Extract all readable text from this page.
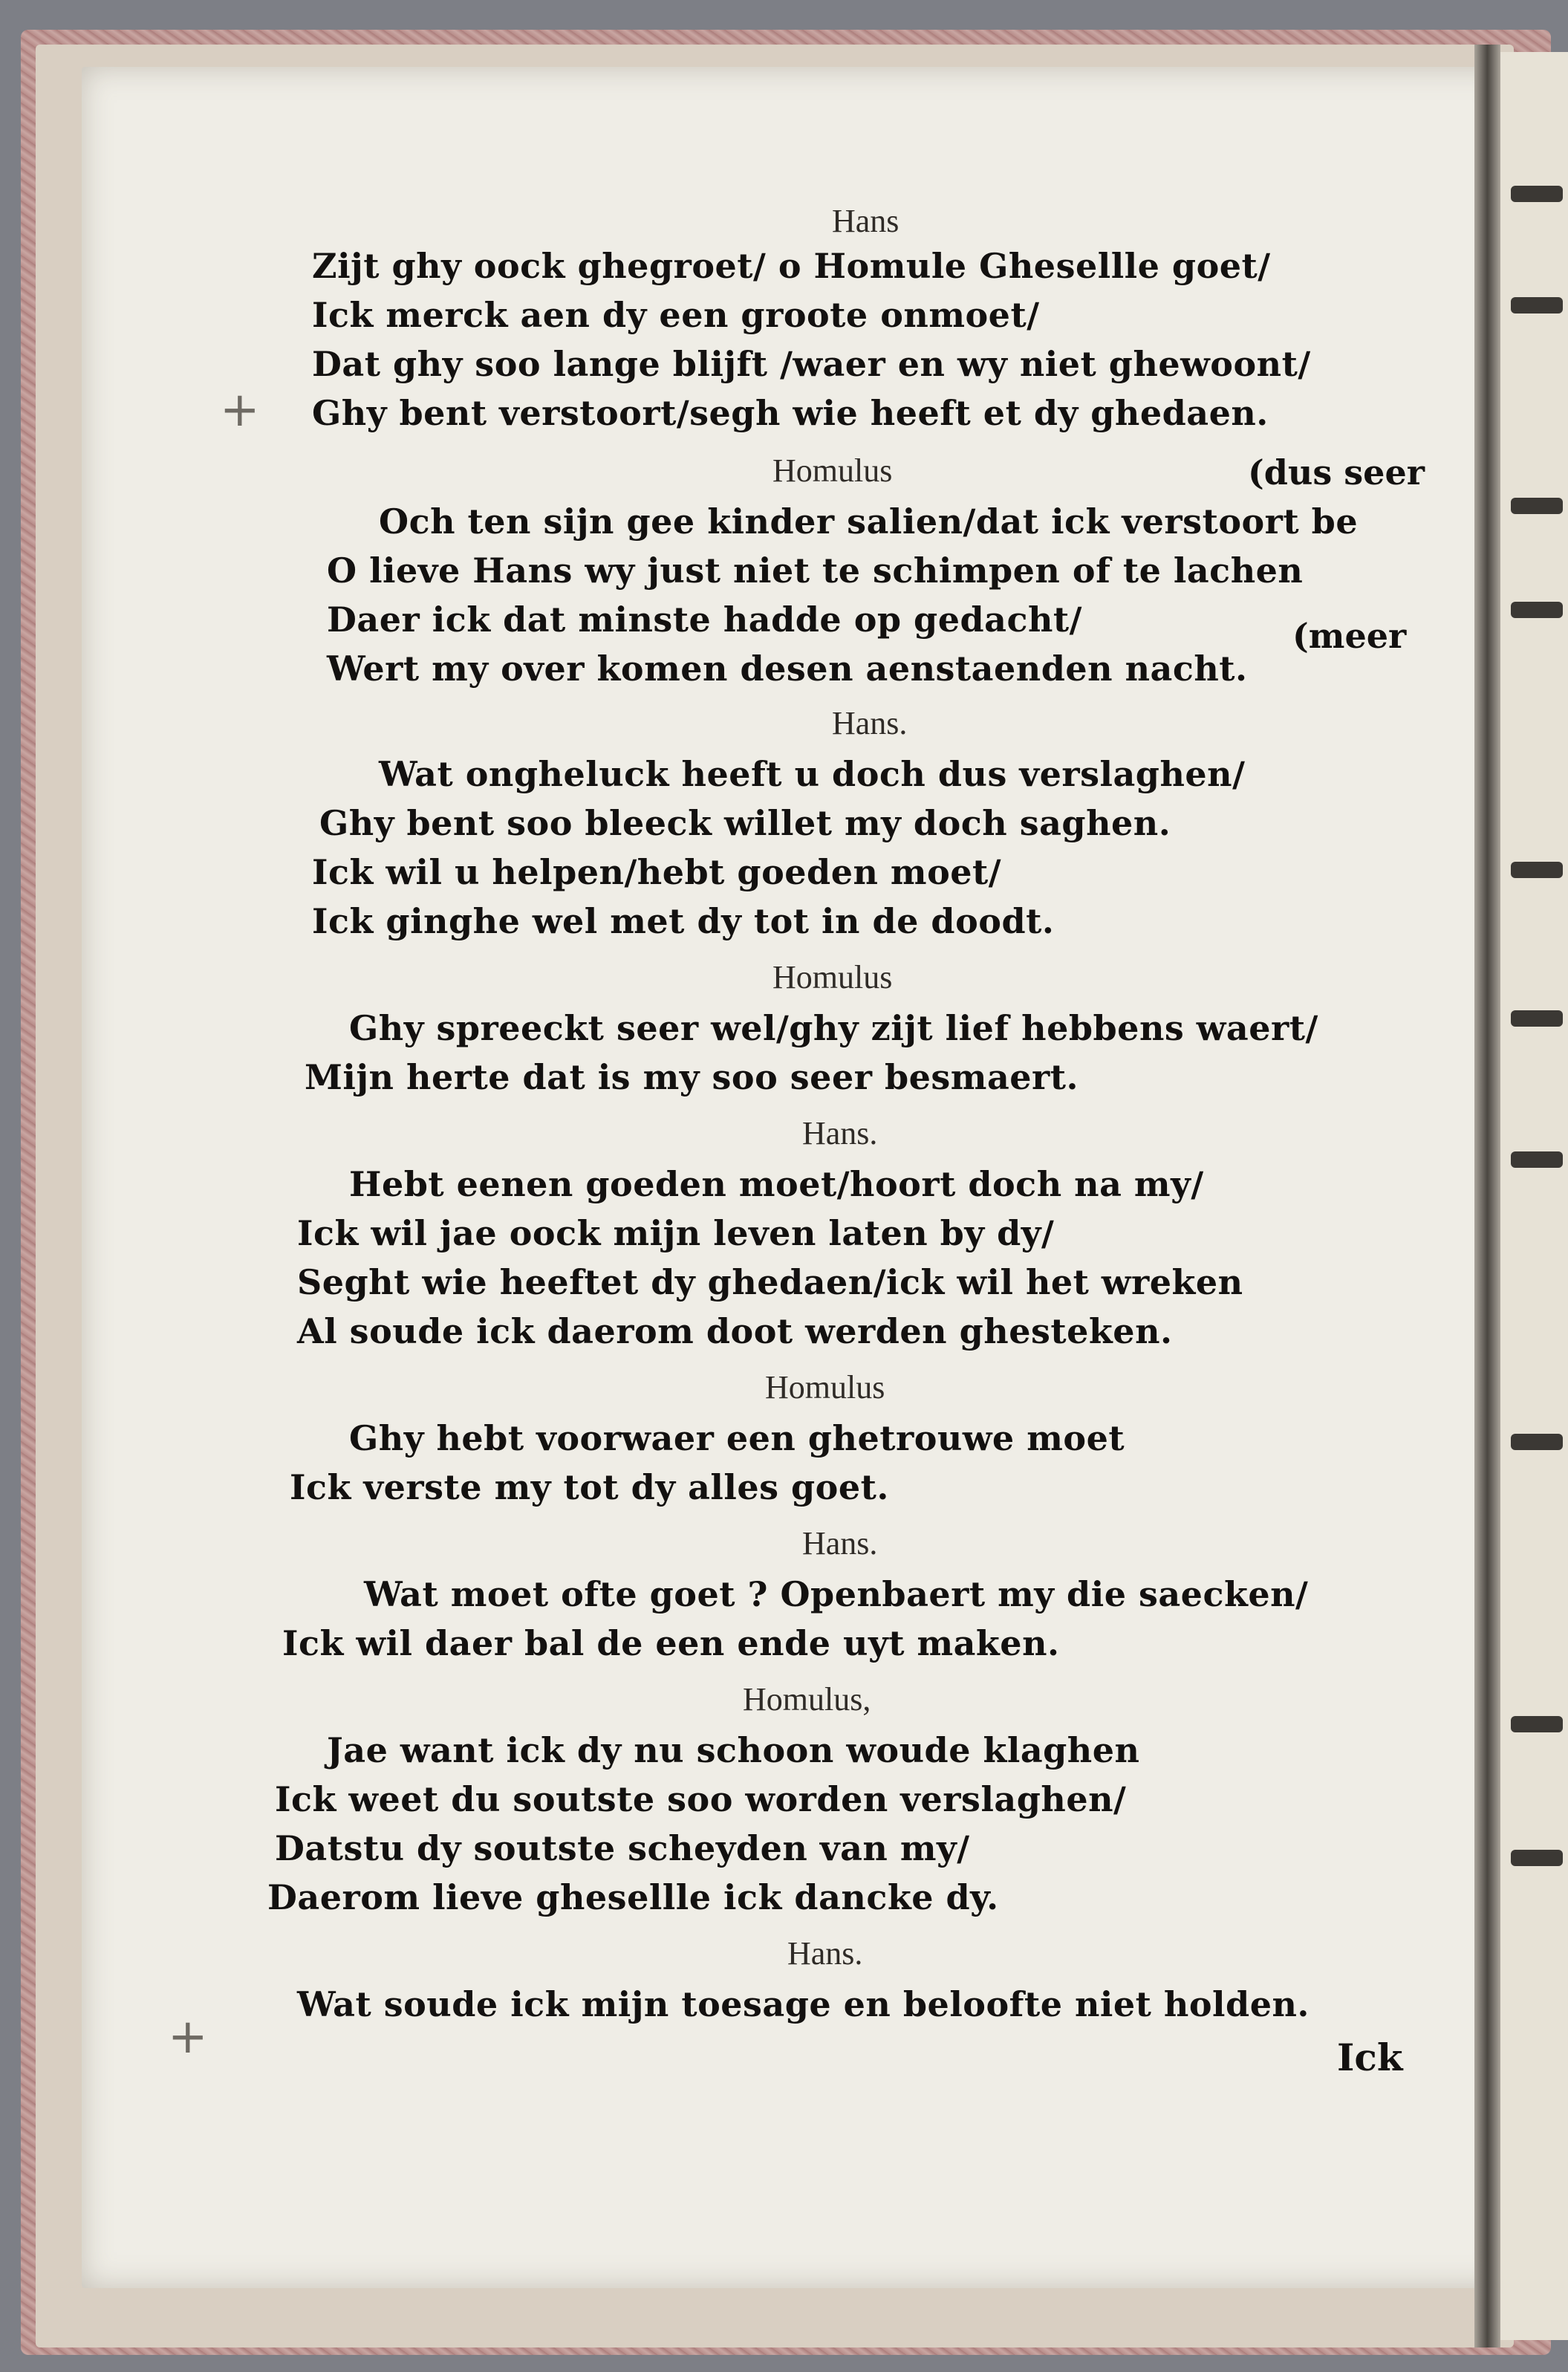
+
+

Hans

Zijt ghy oock ghegroet/ o Homule Ghesellle goet/

Ick merck aen dy een groote onmoet/

Dat ghy soo lange blijft /waer en wy niet ghewoont/

Ghy bent verstoort/segh wie heeft et dy ghedaen.

Homulus	(dus seer

Och ten sijn gee kinder salien/dat ick verstoort be

O lieve Hans wy just niet te schimpen of te lachen

Daer ick dat minste hadde op gedacht/	(meer

Wert my over komen desen aenstaenden nacht.

Hans.

Wat ongheluck heeft u doch dus verslaghen/

Ghy bent soo bleeck willet my doch saghen.

Ick wil u helpen/hebt goeden moet/

Ick ginghe wel met dy tot in de doodt.

Homulus

Ghy spreeckt seer wel/ghy zijt lief hebbens waert/

Mijn herte dat is my soo seer besmaert.

Hans.

Hebt eenen goeden moet/hoort doch na my/

Ick wil jae oock mijn leven laten by dy/

Seght wie heeftet dy ghedaen/ick wil het wreken

Al soude ick daerom doot werden ghesteken.

Homulus

Ghy hebt voorwaer een ghetrouwe moet

Ick verste my tot dy alles goet.

Hans.

Wat moet ofte goet ? Openbaert my die saecken/

Ick wil daer bal de een ende uyt maken.

Homulus,

Jae want ick dy nu schoon woude klaghen

Ick weet du soutste soo worden verslaghen/

Datstu dy soutste scheyden van my/

Daerom lieve ghesellle ick dancke dy.

Hans.

Wat soude ick mijn toesage en beloofte niet holden.

Ick
